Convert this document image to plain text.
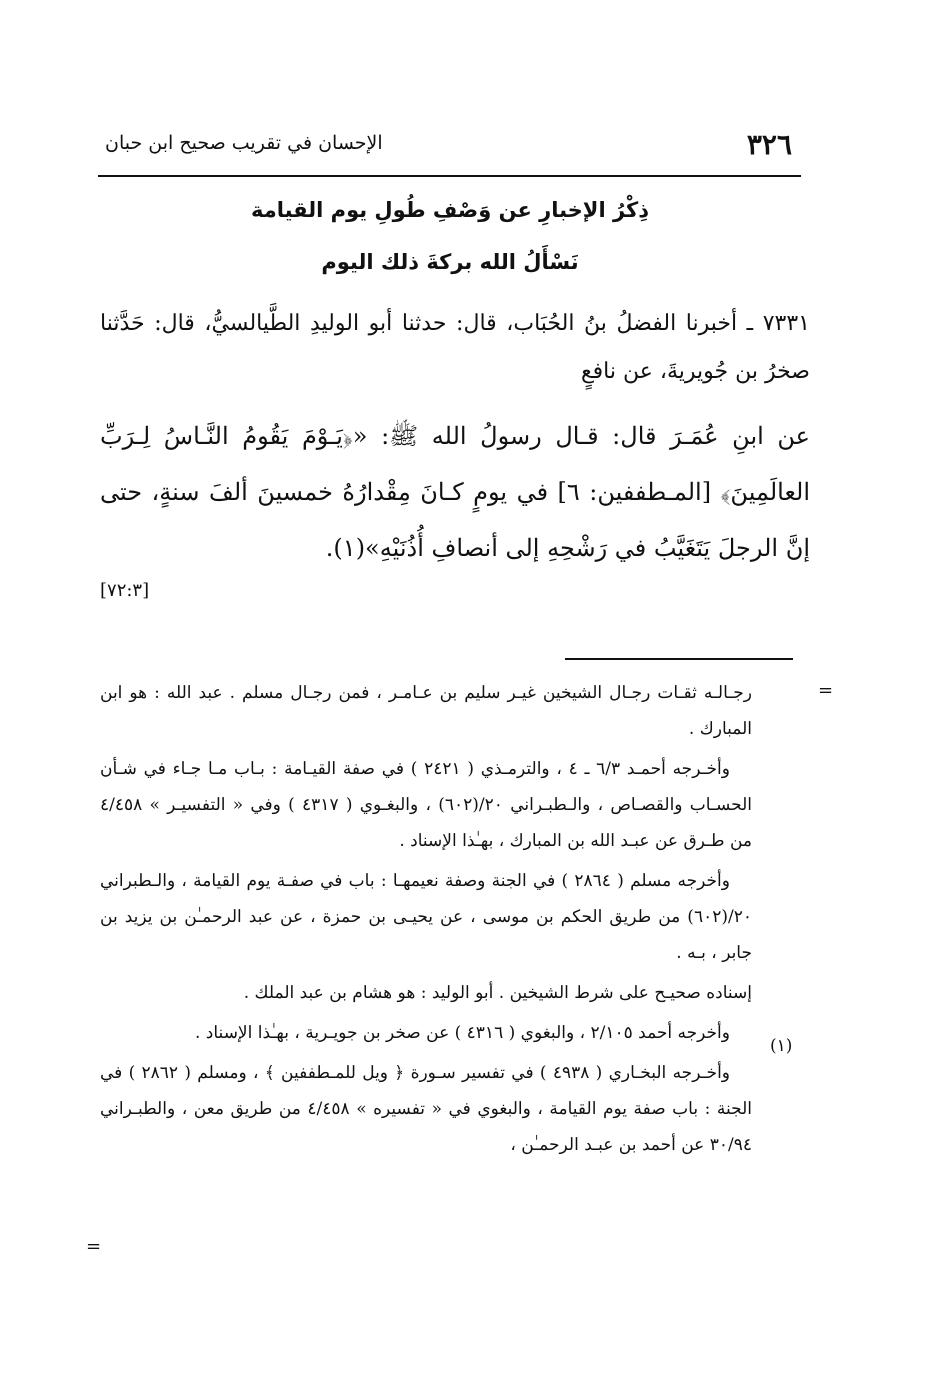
٣٢٦
الإحسان في تقريب صحيح ابن حبان
ذِكْرُ الإخبارِ عن وَصْفِ طُولِ يوم القيامة
نَسْأَلُ الله بركةَ ذلك اليوم
٧٣٣١ ـ أخبرنا الفضلُ بنُ الحُبَاب، قال: حدثنا أبو الوليدِ الطَّيالسيُّ، قال: حَدَّثنا صخرُ بن جُويريةَ، عن نافعٍ
عن ابنِ عُمَـرَ قال: قـال رسولُ الله ﷺ: «﴿يَـوْمَ يَقُومُ النَّـاسُ لِـرَبِّ العالَمِينَ﴾ [المـطففين: ٦] في يومٍ كـانَ مِقْدارُهُ خمسينَ ألفَ سنةٍ، حتى إنَّ الرجلَ يَتَغَيَّبُ في رَشْحِهِ إلى أنصافِ أُذُنَيْهِ»(١).
[٧٢:٣]
=
(١)
=

رجـالـه ثقـات رجـال الشيخين غيـر سليم بن عـامـر ، فمن رجـال مسلم . عبد الله : هو ابن المبارك .

وأخـرجه أحمـد ٦/٣ ـ ٤ ، والترمـذي ( ٢٤٢١ ) في صفة القيـامة : بـاب مـا جـاء في شـأن الحسـاب والقصـاص ، والـطبـراني ٢٠/(٦٠٢) ، والبغـوي ( ٤٣١٧ ) وفي « التفسيـر » ٤/٤٥٨ من طـرق عن عبـد الله بن المبارك ، بهـٰذا الإسناد .

وأخرجه مسلم ( ٢٨٦٤ ) في الجنة وصفة نعيمهـا : باب في صفـة يوم القيامة ، والـطبراني ٢٠/(٦٠٢) من طريق الحكم بن موسى ، عن يحيـى بن حمزة ، عن عبد الرحمـٰن بن يزيد بن جابر ، بـه .

إسناده صحيـح على شرط الشيخين . أبو الوليد : هو هشام بن عبد الملك .

وأخرجه أحمد ٢/١٠٥ ، والبغوي ( ٤٣١٦ ) عن صخر بن جويـرية ، بهـٰذا الإسناد .

وأخـرجه البخـاري ( ٤٩٣٨ ) في تفسير سـورة ﴿ ويل للمـطففين ﴾ ، ومسلم ( ٢٨٦٢ ) في الجنة : باب صفة يوم القيامة ، والبغوي في « تفسيره » ٤/٤٥٨ من طريق معن ، والطبـراني ٣٠/٩٤ عن أحمد بن عبـد الرحمـٰن ،
